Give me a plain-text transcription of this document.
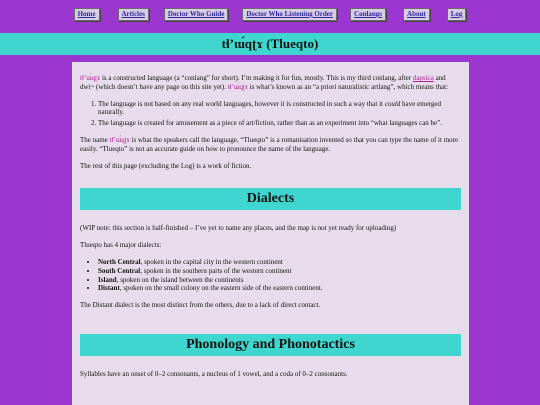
Home	Articles	Doctor Who Guide	Doctor Who Listening Order	Conlangs	About	Log
tɬʼɯ́qʈɤ (Tlueqto)

tɬʼɯ́qʈɤ is a constructed language (a “conlang” for short). I’m making it for fun, mostly. This is my third conlang, after dapsica and dwi~ (which doesn’t have any page on this site yet). tɬʼɯ́qʈɤ is what’s known as an “a priori naturalistic artlang”, which means that:

1. The language is not based on any real world languages, however it is constructed in such a way that it could have emerged naturally.
2. The language is created for amusement as a piece of art/fiction, rather than as an experiment into “what languages can be”.

The name tɬʼɯ́qʈɤ is what the speakers call the language, “Tlueqto” is a romanisation invented so that you can type the name of it more easily. “Tlueqto” is not an accurate guide on how to pronounce the name of the language.

The rest of this page (excluding the Log) is a work of fiction.

Dialects

(WIP note: this section is half-finished – I’ve yet to name any places, and the map is not yet ready for uploading)

Tlueqto has 4 major dialects:

• North Central, spoken in the capital city in the western continent
• South Central, spoken in the southern parts of the western continent
• Island, spoken on the island between the continents
• Distant, spoken on the small colony on the eastern side of the eastern continent.

The Distant dialect is the most distinct from the others, due to a lack of direct contact.

Phonology and Phonotactics

Syllables have an onset of 0–2 consonants, a nucleus of 1 vowel, and a coda of 0–2 consonants.
